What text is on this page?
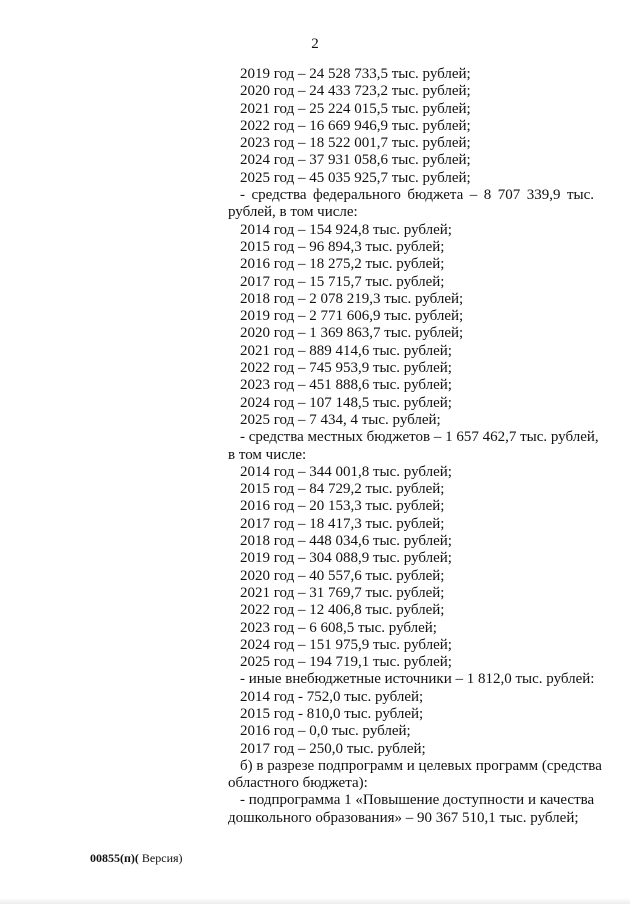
2
2019 год – 24 528 733,5 тыс. рублей;
2020 год – 24 433 723,2 тыс. рублей;
2021 год – 25 224 015,5 тыс. рублей;
2022 год – 16 669 946,9 тыс. рублей;
2023 год – 18 522 001,7 тыс. рублей;
2024 год – 37 931 058,6 тыс. рублей;
2025 год – 45 035 925,7 тыс. рублей;
- средства федерального бюджета – 8 707 339,9 тыс.
рублей, в том числе:
2014 год – 154 924,8 тыс. рублей;
2015 год – 96 894,3 тыс. рублей;
2016 год – 18 275,2 тыс. рублей;
2017 год – 15 715,7 тыс. рублей;
2018 год – 2 078 219,3 тыс. рублей;
2019 год – 2 771 606,9 тыс. рублей;
2020 год – 1 369 863,7 тыс. рублей;
2021 год – 889 414,6 тыс. рублей;
2022 год – 745 953,9 тыс. рублей;
2023 год – 451 888,6 тыс. рублей;
2024 год – 107 148,5 тыс. рублей;
2025 год – 7 434, 4 тыс. рублей;
- средства местных бюджетов – 1 657 462,7 тыс. рублей,
в том числе:
2014 год – 344 001,8 тыс. рублей;
2015 год – 84 729,2 тыс. рублей;
2016 год – 20 153,3 тыс. рублей;
2017 год – 18 417,3 тыс. рублей;
2018 год – 448 034,6 тыс. рублей;
2019 год – 304 088,9 тыс. рублей;
2020 год – 40 557,6 тыс. рублей;
2021 год – 31 769,7 тыс. рублей;
2022 год – 12 406,8 тыс. рублей;
2023 год – 6 608,5 тыс. рублей;
2024 год – 151 975,9 тыс. рублей;
2025 год – 194 719,1 тыс. рублей;
- иные внебюджетные источники – 1 812,0 тыс. рублей:
2014 год - 752,0 тыс. рублей;
2015 год - 810,0 тыс. рублей;
2016 год – 0,0 тыс. рублей;
2017 год – 250,0 тыс. рублей;
б) в разрезе подпрограмм и целевых программ (средства
областного бюджета):
- подпрограмма 1 «Повышение доступности и качества
дошкольного образования» – 90 367 510,1 тыс. рублей;
00855(п)( Версия)
